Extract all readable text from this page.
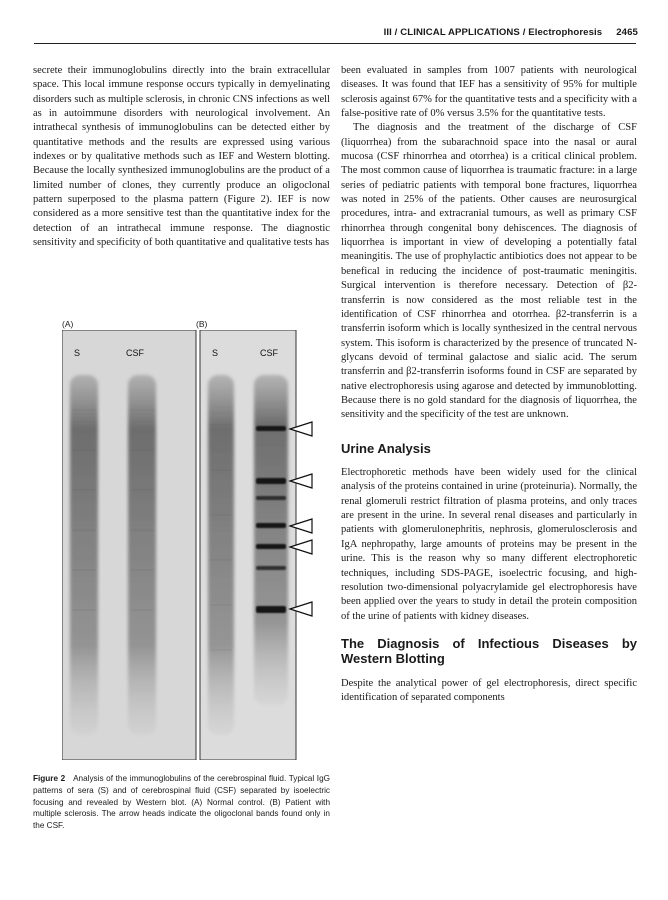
III / CLINICAL APPLICATIONS / Electrophoresis 2465

secrete their immunoglobulins directly into the brain extracellular space. This local immune response occurs typically in demyelinating disorders such as multiple sclerosis, in chronic CNS infections as well as in autoimmune disorders with neurological involvement. An intrathecal synthesis of immunoglobulins can be detected either by quantitative methods and the results are expressed using various indexes or by qualitative methods such as IEF and Western blotting. Because the locally synthesized immunoglobulins are the product of a limited number of clones, they currently produce an oligoclonal pattern superposed to the plasma pattern (Figure 2). IEF is now considered as a more sensitive test than the quantitative index for the detection of an intrathecal immune response. The diagnostic sensitivity and specificity of both quantitative and qualitative tests has

(A)	(B)
S	CSF	S	CSF
Figure 2 Analysis of the immunoglobulins of the cerebrospinal fluid. Typical IgG patterns of sera (S) and of cerebrospinal fluid (CSF) separated by isoelectric focusing and revealed by Western blot. (A) Normal control. (B) Patient with multiple sclerosis. The arrow heads indicate the oligoclonal bands found only in the CSF.

been evaluated in samples from 1007 patients with neurological diseases. It was found that IEF has a sensitivity of 95% for multiple sclerosis against 67% for the quantitative tests and a specificity with a false-positive rate of 0% versus 3.5% for the quantitative tests.

The diagnosis and the treatment of the discharge of CSF (liquorrhea) from the subarachnoid space into the nasal or aural mucosa (CSF rhinorrhea and otorrhea) is a critical clinical problem. The most common cause of liquorrhea is traumatic fracture: in a large series of pediatric patients with temporal bone fractures, liquorrhea was noted in 25% of the patients. Other causes are neurosurgical procedures, intra- and extracranial tumours, as well as primary CSF rhinorrhea through congenital bony dehiscences. The diagnosis of liquorrhea is important in view of developing a potentially fatal meaningitis. The use of prophylactic antibiotics does not appear to be benefical in reducing the incidence of post-traumatic meningitis. Surgical intervention is therefore necessary. Detection of β2-transferrin is now considered as the most reliable test in the identification of CSF rhinorrhea and otorrhea. β2-transferrin is a transferrin isoform which is locally synthesized in the central nervous system. This isoform is characterized by the presence of truncated N-glycans devoid of terminal galactose and sialic acid. The serum transferrin and β2-transferrin isoforms found in CSF are separated by native electrophoresis using agarose and detected by immunoblotting. Because there is no gold standard for the diagnosis of liquorrhea, the sensitivity and the specificity of the test are unknown.

Urine Analysis

Electrophoretic methods have been widely used for the clinical analysis of the proteins contained in urine (proteinuria). Normally, the renal glomeruli restrict filtration of plasma proteins, and only traces are present in the urine. In several renal diseases and particularly in patients with glomerulonephritis, nephrosis, glomerulosclerosis and IgA nephropathy, large amounts of proteins may be present in the urine. This is the reason why so many different electrophoretic techniques, including SDS-PAGE, isoelectric focusing, and high-resolution two-dimensional polyacrylamide gel electrophoresis have been applied over the years to study in detail the protein composition of the urine of patients with kidney diseases.

The Diagnosis of Infectious Diseases by Western Blotting

Despite the analytical power of gel electrophoresis, direct specific identification of separated components
